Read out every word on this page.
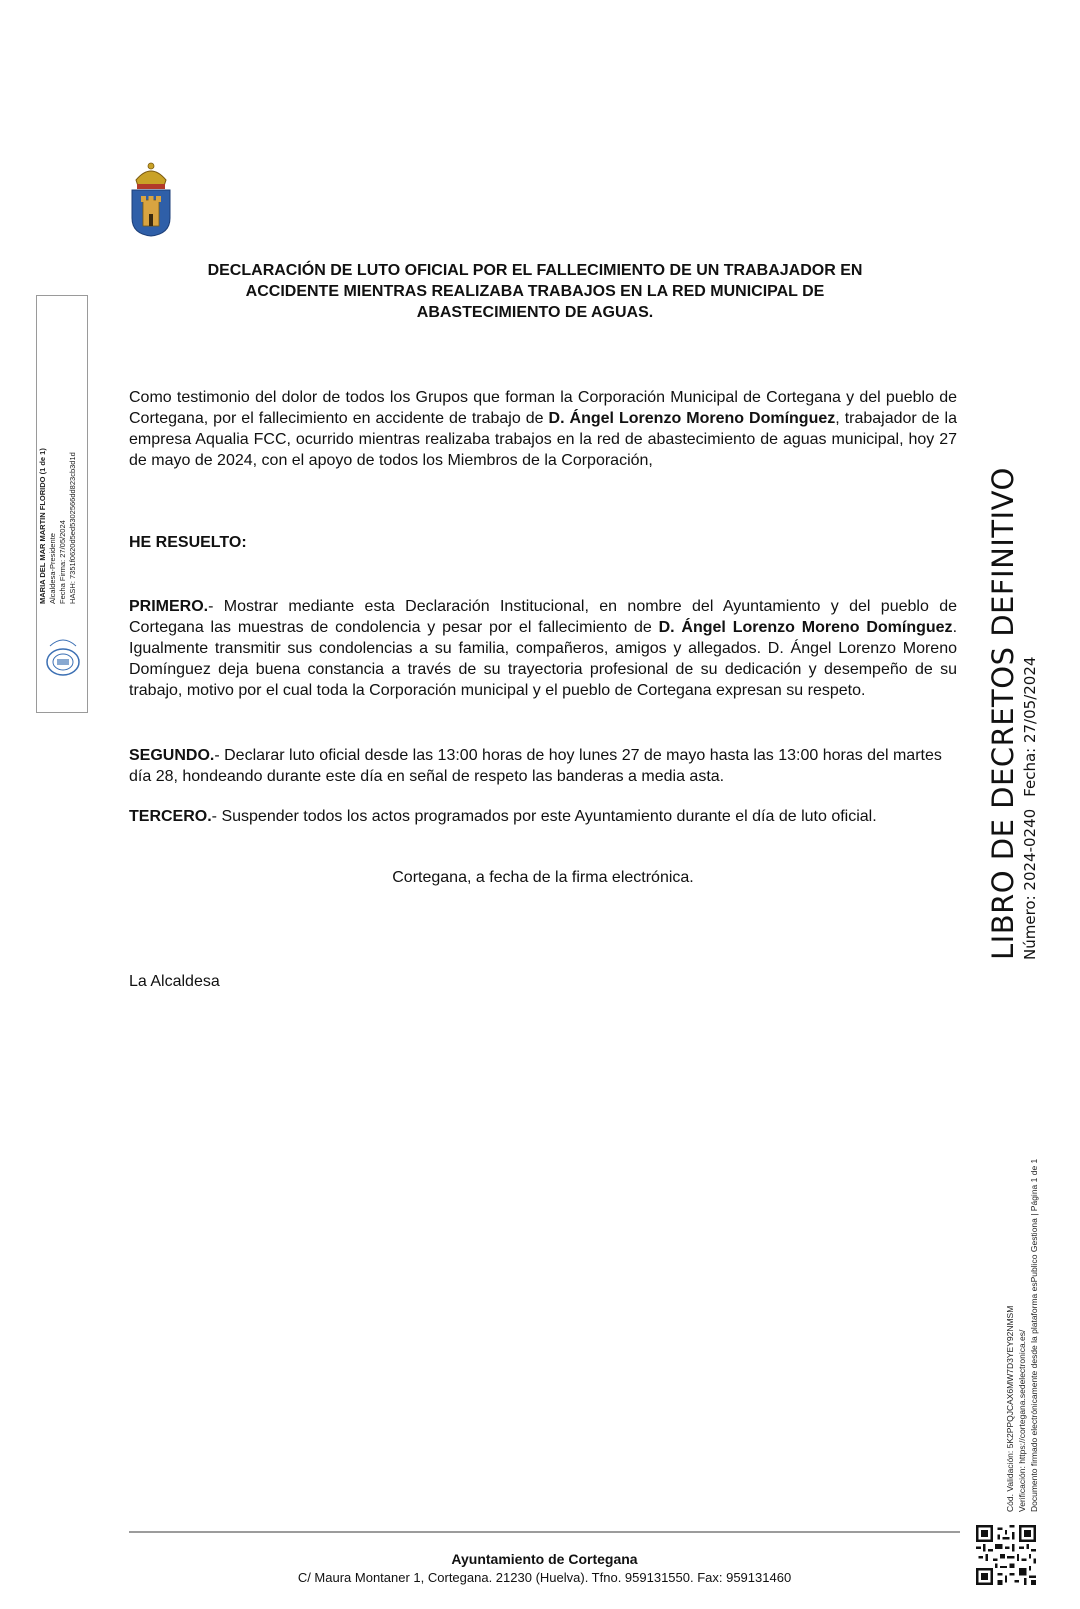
DECLARACIÓN DE LUTO OFICIAL POR EL FALLECIMIENTO DE UN TRABAJADOR EN
ACCIDENTE MIENTRAS REALIZABA TRABAJOS EN LA RED MUNICIPAL DE
ABASTECIMIENTO DE AGUAS.
Como testimonio del dolor de todos los Grupos que forman la Corporación Municipal de Cortegana y del pueblo de Cortegana, por el fallecimiento en accidente de trabajo de D. Ángel Lorenzo Moreno Domínguez, trabajador de la empresa Aqualia FCC, ocurrido mientras realizaba trabajos en la red de abastecimiento de aguas municipal, hoy 27 de mayo de 2024, con el apoyo de todos los Miembros de la Corporación,
HE RESUELTO:
PRIMERO.- Mostrar mediante esta Declaración Institucional, en nombre del Ayuntamiento y del pueblo de Cortegana las muestras de condolencia y pesar por el fallecimiento de D. Ángel Lorenzo Moreno Domínguez. Igualmente transmitir sus condolencias a su familia, compañeros, amigos y allegados. D. Ángel Lorenzo Moreno Domínguez deja buena constancia a través de su trayectoria profesional de su dedicación y desempeño de su trabajo, motivo por el cual toda la Corporación municipal y el pueblo de Cortegana expresan su respeto.
SEGUNDO.- Declarar luto oficial desde las 13:00 horas de hoy lunes 27 de mayo hasta las 13:00 horas del martes día 28, hondeando durante este día en señal de respeto las banderas a media asta.
TERCERO.- Suspender todos los actos programados por este Ayuntamiento durante el día de luto oficial.
Cortegana, a fecha de la firma electrónica.
La Alcaldesa
MARIA DEL MAR MARTIN FLORIDO (1 de 1) Alcaldesa-Presidente Fecha Firma: 27/05/2024 HASH: 7351f0620d5ed5302566dd823cb3d1d	LIBRO DE DECRETOS DEFINITIVO Número: 2024-0240Fecha: 27/05/2024
Cód. Validación: 5K2PPQJCAX6MW7D3YEY92NMSM Verificación: https://cortegana.sedelectronica.es/ Documento firmado electrónicamente desde la plataforma esPublico Gestiona | Página 1 de 1
Ayuntamiento de Cortegana
C/ Maura Montaner 1, Cortegana. 21230 (Huelva). Tfno. 959131550. Fax: 959131460
